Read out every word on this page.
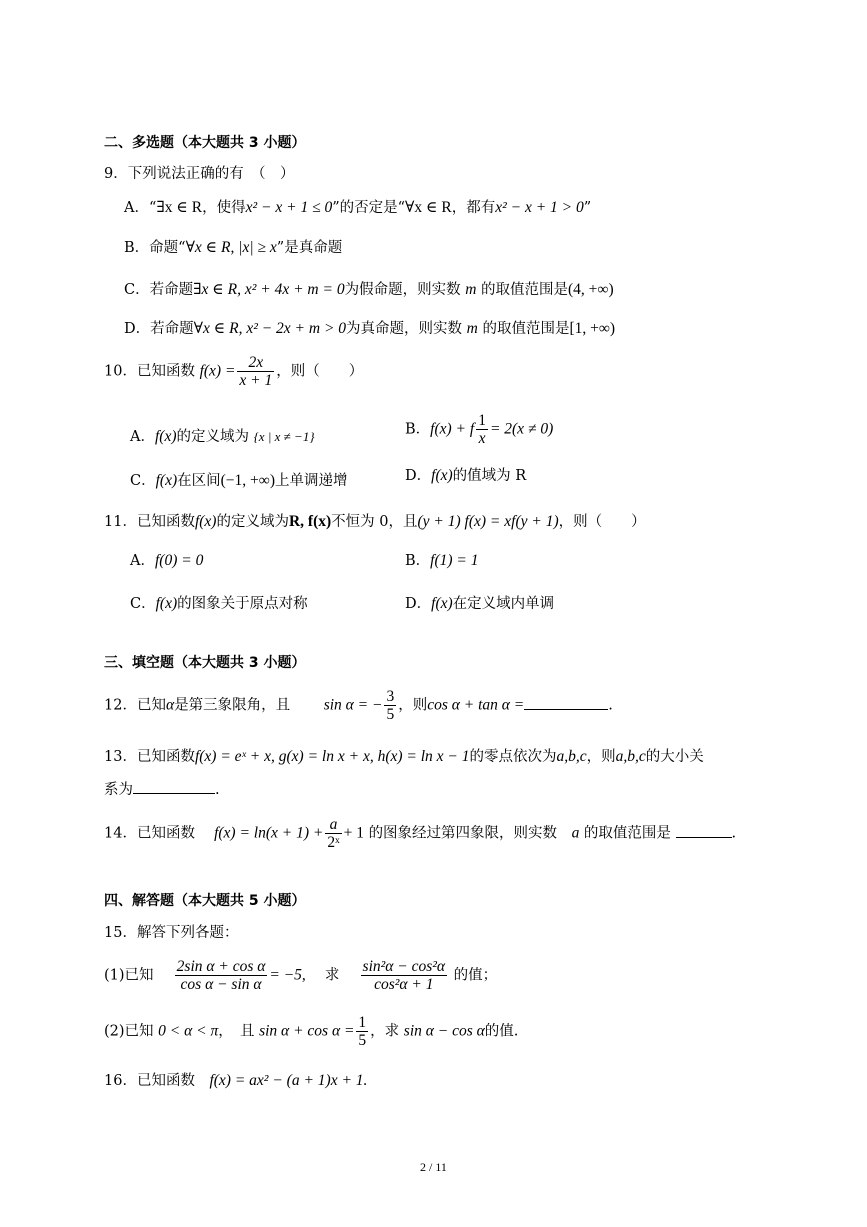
二、多选题（本大题共 3 小题）
9．下列说法正确的有　（　）
A．“∃x ∈ R，使得x² − x + 1 ≤ 0”的否定是“∀x ∈ R，都有x² − x + 1 > 0”
B．命题“∀x ∈ R, |x| ≥ x”是真命题
C．若命题∃x ∈ R, x² + 4x + m = 0为假命题，则实数 m 的取值范围是(4, +∞)
D．若命题∀x ∈ R, x² − 2x + m > 0为真命题，则实数 m 的取值范围是[1, +∞)
10．已知函数 $f(x) = \frac{2x}{x + 1}$ ，则（　　）
A．f(x)的定义域为 {x | x ≠ −1}	B．f(x) + f $\frac{1}{x} = 2(x \ne 0)$
C．f(x)在区间(−1, +∞)上单调递增	D．f(x)的值域为 R
11．已知函数f(x)的定义域为R, f(x)不恒为 0，且(y + 1) f(x) = xf(y + 1)，则（　　）
A．f(0) = 0	B．f(1) = 1
C．f(x)的图象关于原点对称	D．f(x)在定义域内单调
三、填空题（本大题共 3 小题）
12．已知α是第三象限角，且　　 sin α = − $\frac{3}{5}$ ，则cos α + tan α =	.
13．已知函数f(x) = eˣ + x, g(x) = ln x + x, h(x) = ln x − 1的零点依次为a,b,c，则a,b,c的大小关
系为	.
14．已知函数　 $f(x) = \ln(x + 1) + \frac{a}{\text{2ˣ}} + 1$ 的图象经过第四象限，则实数　 a 的取值范围是	.
四、解答题（本大题共 5 小题）
15．解答下列各题：
(1)已知　 $\frac{\text{2sin α + cos α}}{\text{cos α − sin α}} = -5$,　 求　 $\frac{\text{sin²α − cos²α}}{\text{cos²α + 1}}$ 的值；
(2)已知 0 < α < π，　且 $\sin \alpha + \cos \alpha = \frac{1}{5}$ ，求 sin α − cos α的值.
16．已知函数　 f(x) = ax² − (a + 1)x + 1.
2 / 11
